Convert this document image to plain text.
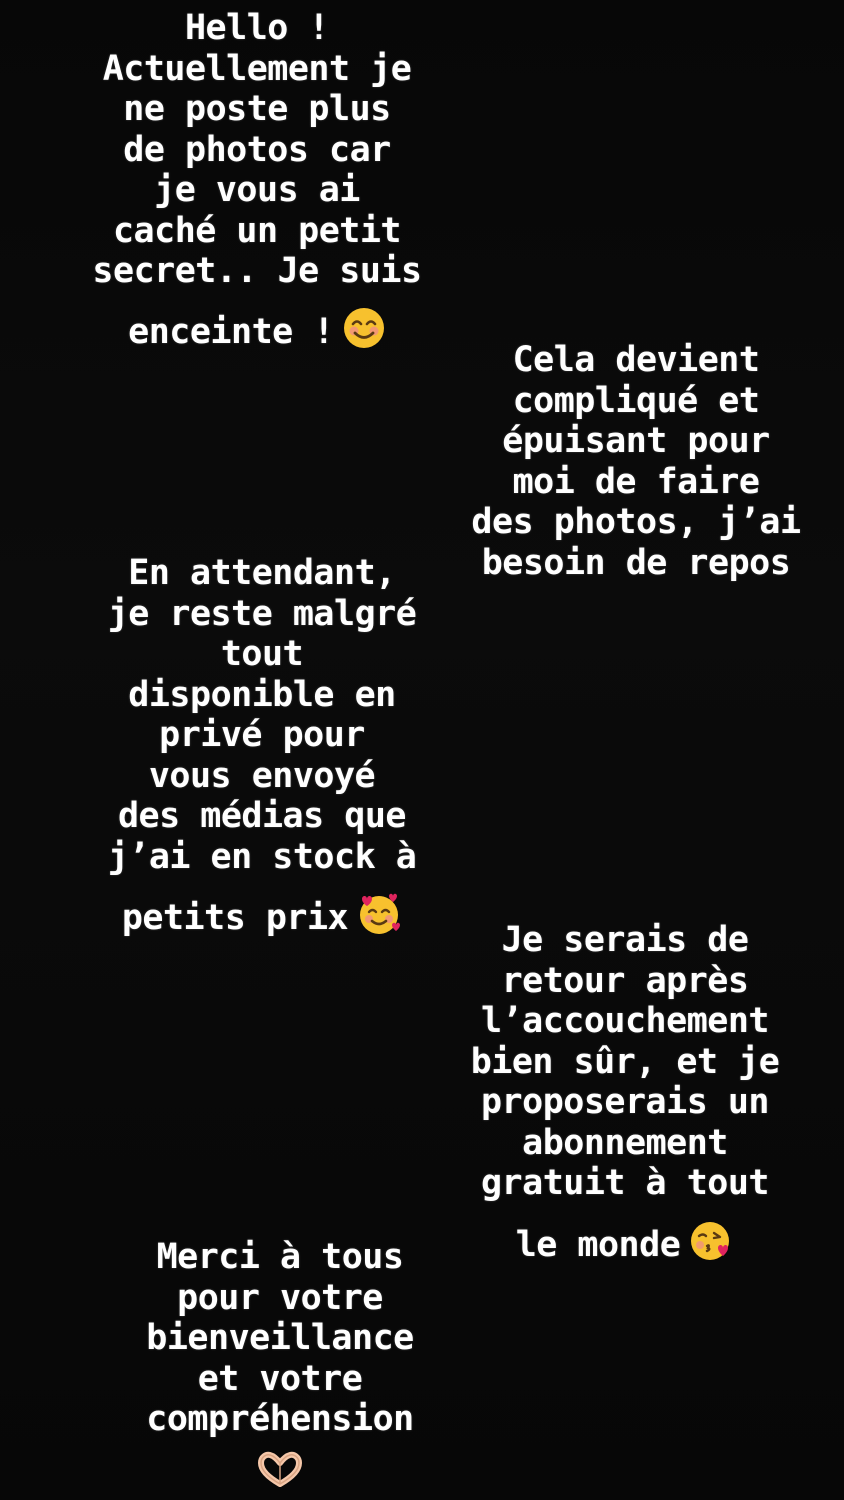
Hello !
Actuellement je
ne poste plus
de photos car
je vous ai
caché un petit
secret.. Je suis
enceinte !
Cela devient
compliqué et
épuisant pour
moi de faire
des photos, j’ai
besoin de repos
En attendant,
je reste malgré
tout
disponible en
privé pour
vous envoyé
des médias que
j’ai en stock à
petits prix
Je serais de
retour après
l’accouchement
bien sûr, et je
proposerais un
abonnement
gratuit à tout
le monde
Merci à tous
pour votre
bienveillance
et votre
compréhension
